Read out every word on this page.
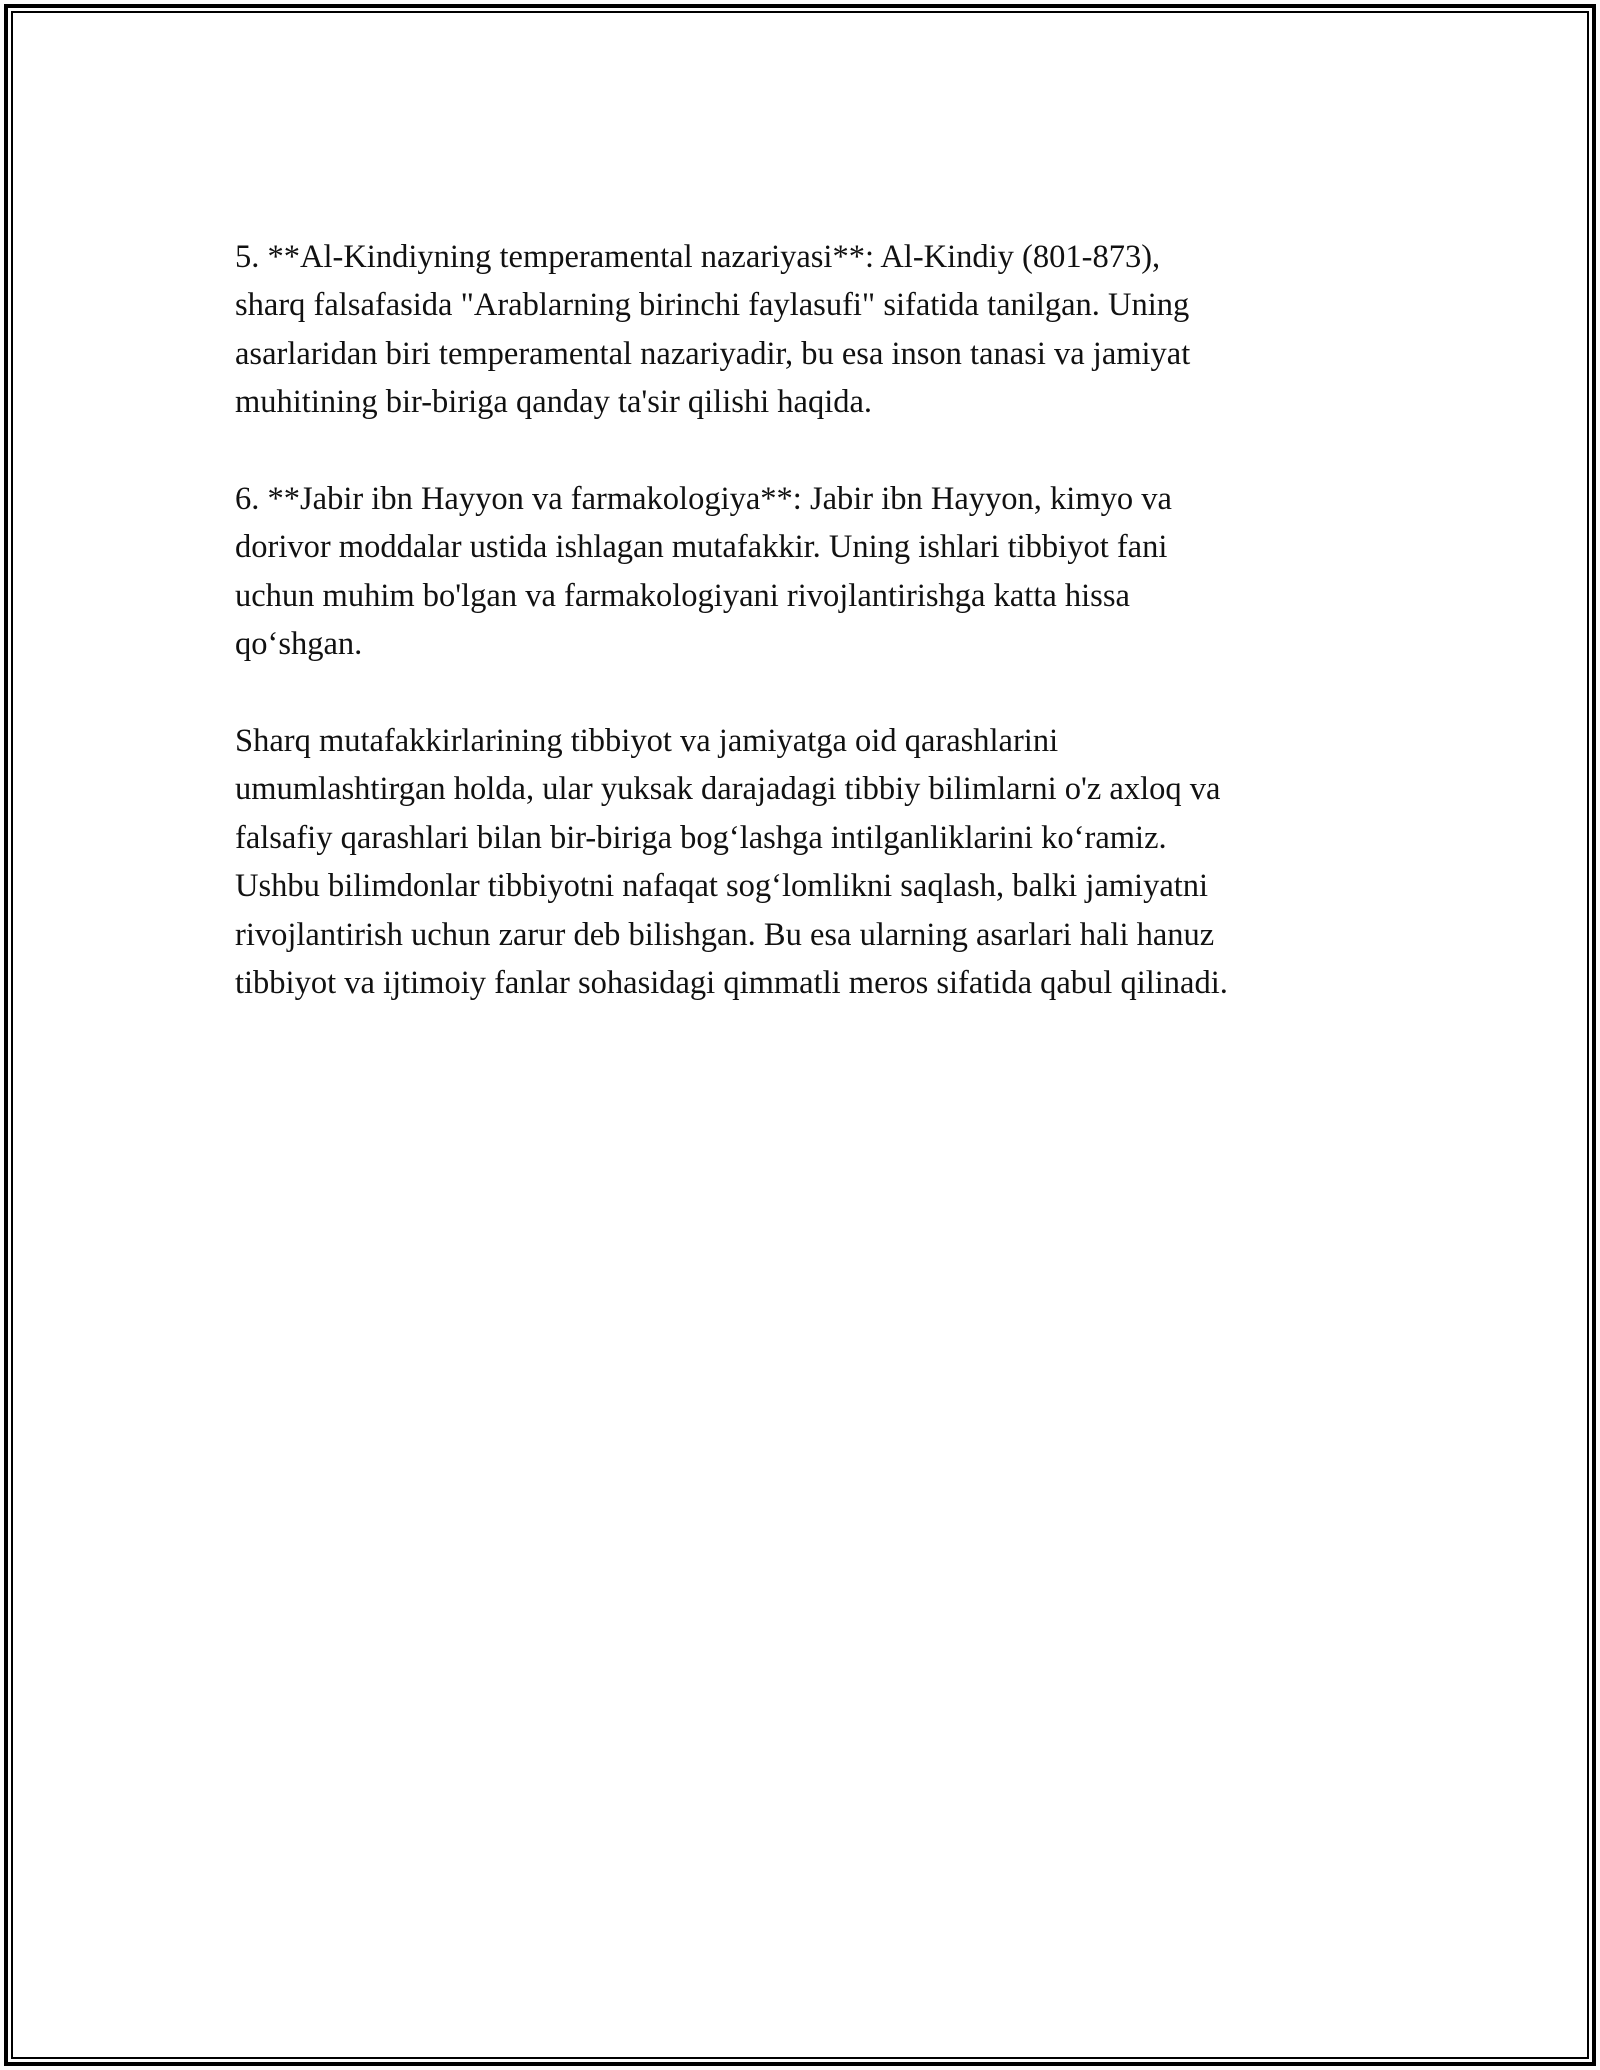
5. **Al-Kindiyning temperamental nazariyasi**: Al-Kindiy (801-873),
sharq falsafasida "Arablarning birinchi faylasufi" sifatida tanilgan. Uning
asarlaridan biri temperamental nazariyadir, bu esa inson tanasi va jamiyat
muhitining bir-biriga qanday ta'sir qilishi haqida.

6. **Jabir ibn Hayyon va farmakologiya**: Jabir ibn Hayyon, kimyo va
dorivor moddalar ustida ishlagan mutafakkir. Uning ishlari tibbiyot fani
uchun muhim bo'lgan va farmakologiyani rivojlantirishga katta hissa
qo‘shgan.

Sharq mutafakkirlarining tibbiyot va jamiyatga oid qarashlarini
umumlashtirgan holda, ular yuksak darajadagi tibbiy bilimlarni o'z axloq va
falsafiy qarashlari bilan bir-biriga bog‘lashga intilganliklarini ko‘ramiz.
Ushbu bilimdonlar tibbiyotni nafaqat sog‘lomlikni saqlash, balki jamiyatni
rivojlantirish uchun zarur deb bilishgan. Bu esa ularning asarlari hali hanuz
tibbiyot va ijtimoiy fanlar sohasidagi qimmatli meros sifatida qabul qilinadi.
